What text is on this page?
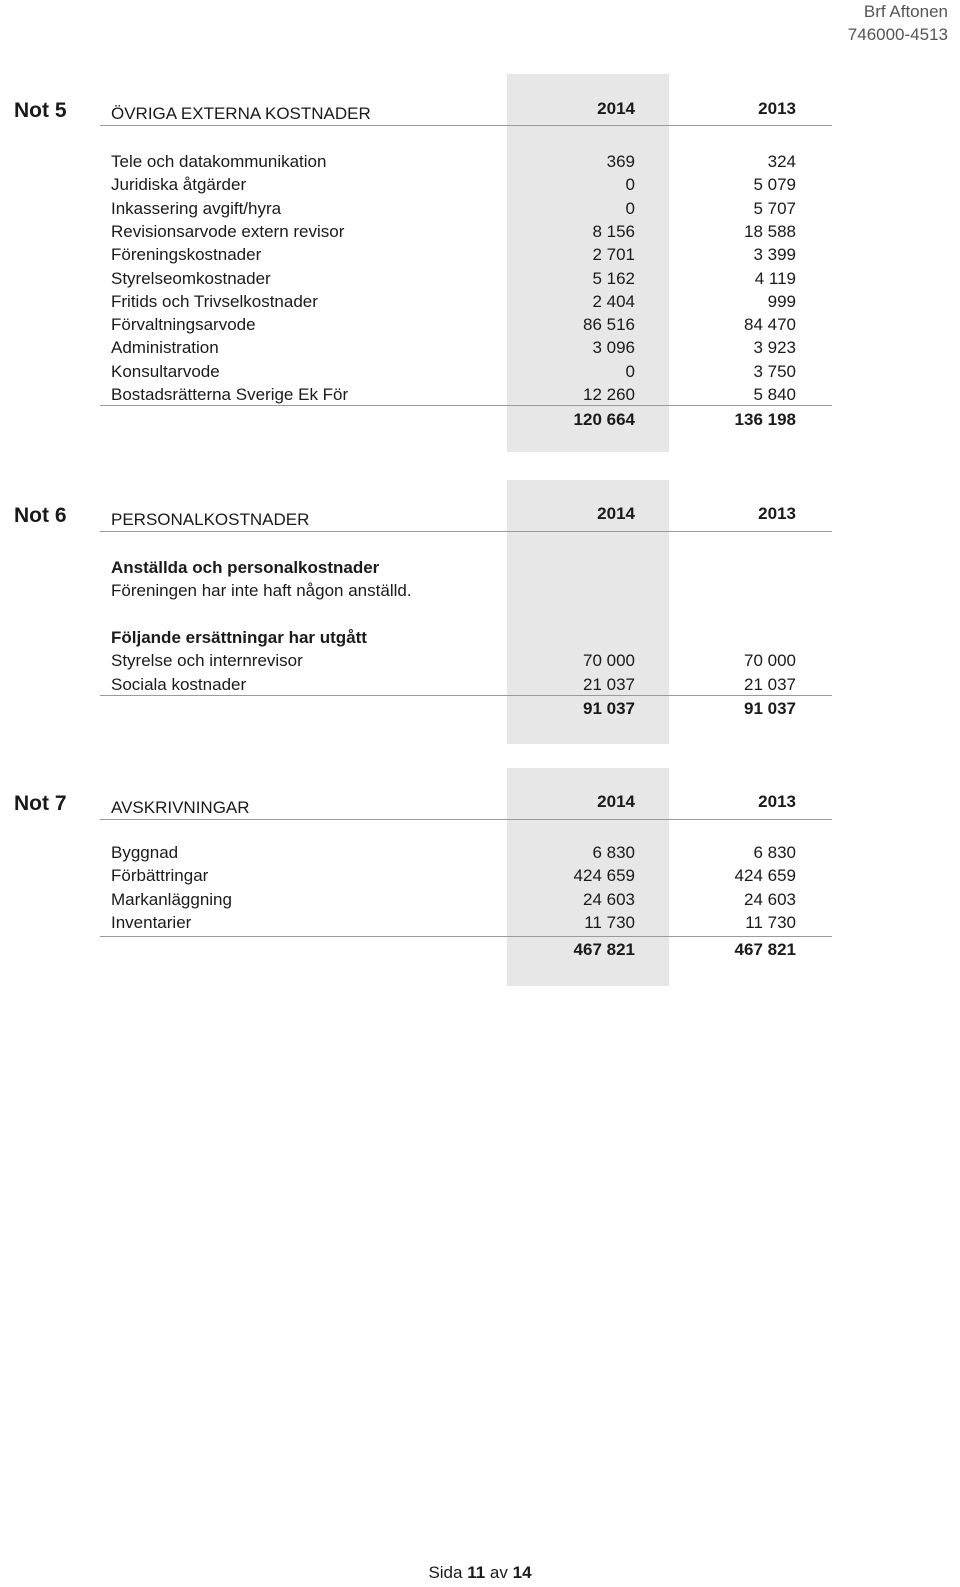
Brf Aftonen
746000-4513
Not 5	ÖVRIGA EXTERNA KOSTNADER	2014	2013
Tele och datakommunikation	369	324
Juridiska åtgärder	0	5 079
Inkassering avgift/hyra	0	5 707
Revisionsarvode extern revisor	8 156	18 588
Föreningskostnader	2 701	3 399
Styrelseomkostnader	5 162	4 119
Fritids och Trivselkostnader	2 404	999
Förvaltningsarvode	86 516	84 470
Administration	3 096	3 923
Konsultarvode	0	3 750
Bostadsrätterna Sverige Ek För	12 260	5 840
120 664	136 198
Not 6	PERSONALKOSTNADER	2014	2013
Anställda och personalkostnader
Föreningen har inte haft någon anställd.
Följande ersättningar har utgått
Styrelse och internrevisor	70 000	70 000
Sociala kostnader	21 037	21 037
91 037	91 037
Not 7	AVSKRIVNINGAR	2014	2013
Byggnad	6 830	6 830
Förbättringar	424 659	424 659
Markanläggning	24 603	24 603
Inventarier	11 730	11 730
467 821	467 821
Sida 11 av 14
